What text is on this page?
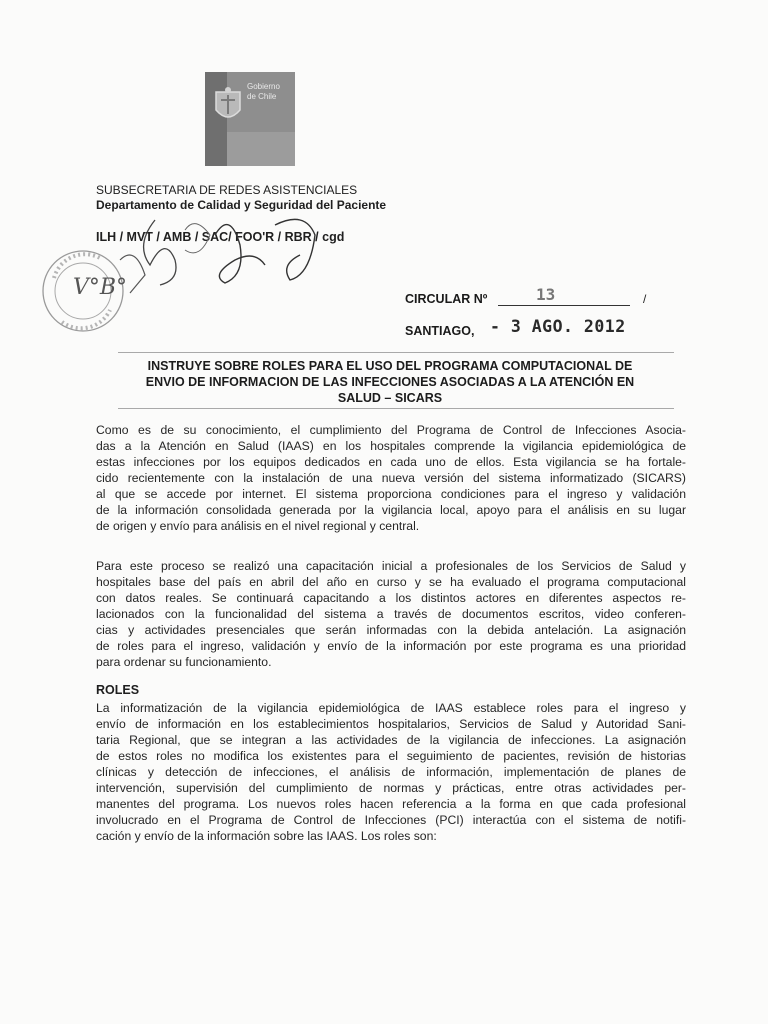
Gobierno
de Chile
SUBSECRETARIA DE REDES ASISTENCIALES
Departamento de Calidad y Seguridad del Paciente
ILH / MVT / AMB / SAC/ FOO'R / RBR / cgd
V°B°	CIRCULAR Nº	13	/
SANTIAGO, - 3 AGO. 2012
INSTRUYE SOBRE ROLES PARA EL USO DEL PROGRAMA COMPUTACIONAL DE
ENVIO DE INFORMACION DE LAS INFECCIONES ASOCIADAS A LA ATENCIÓN EN
SALUD – SICARS
Como es de su conocimiento, el cumplimiento del Programa de Control de Infecciones Asocia-
das a la Atención en Salud (IAAS) en los hospitales comprende la vigilancia epidemiológica de
estas infecciones por los equipos dedicados en cada uno de ellos. Esta vigilancia se ha fortale-
cido recientemente con la instalación de una nueva versión del sistema informatizado (SICARS)
al que se accede por internet. El sistema proporciona condiciones para el ingreso y validación
de la información consolidada generada por la vigilancia local, apoyo para el análisis en su lugar
de origen y envío para análisis en el nivel regional y central.
Para este proceso se realizó una capacitación inicial a profesionales de los Servicios de Salud y
hospitales base del país en abril del año en curso y se ha evaluado el programa computacional
con datos reales. Se continuará capacitando a los distintos actores en diferentes aspectos re-
lacionados con la funcionalidad del sistema a través de documentos escritos, video conferen-
cias y actividades presenciales que serán informadas con la debida antelación. La asignación
de roles para el ingreso, validación y envío de la información por este programa es una prioridad
para ordenar su funcionamiento.
ROLES
La informatización de la vigilancia epidemiológica de IAAS establece roles para el ingreso y
envío de información en los establecimientos hospitalarios, Servicios de Salud y Autoridad Sani-
taria Regional, que se integran a las actividades de la vigilancia de infecciones. La asignación
de estos roles no modifica los existentes para el seguimiento de pacientes, revisión de historias
clínicas y detección de infecciones, el análisis de información, implementación de planes de
intervención, supervisión del cumplimiento de normas y prácticas, entre otras actividades per-
manentes del programa. Los nuevos roles hacen referencia a la forma en que cada profesional
involucrado en el Programa de Control de Infecciones (PCI) interactúa con el sistema de notifi-
cación y envío de la información sobre las IAAS. Los roles son:
